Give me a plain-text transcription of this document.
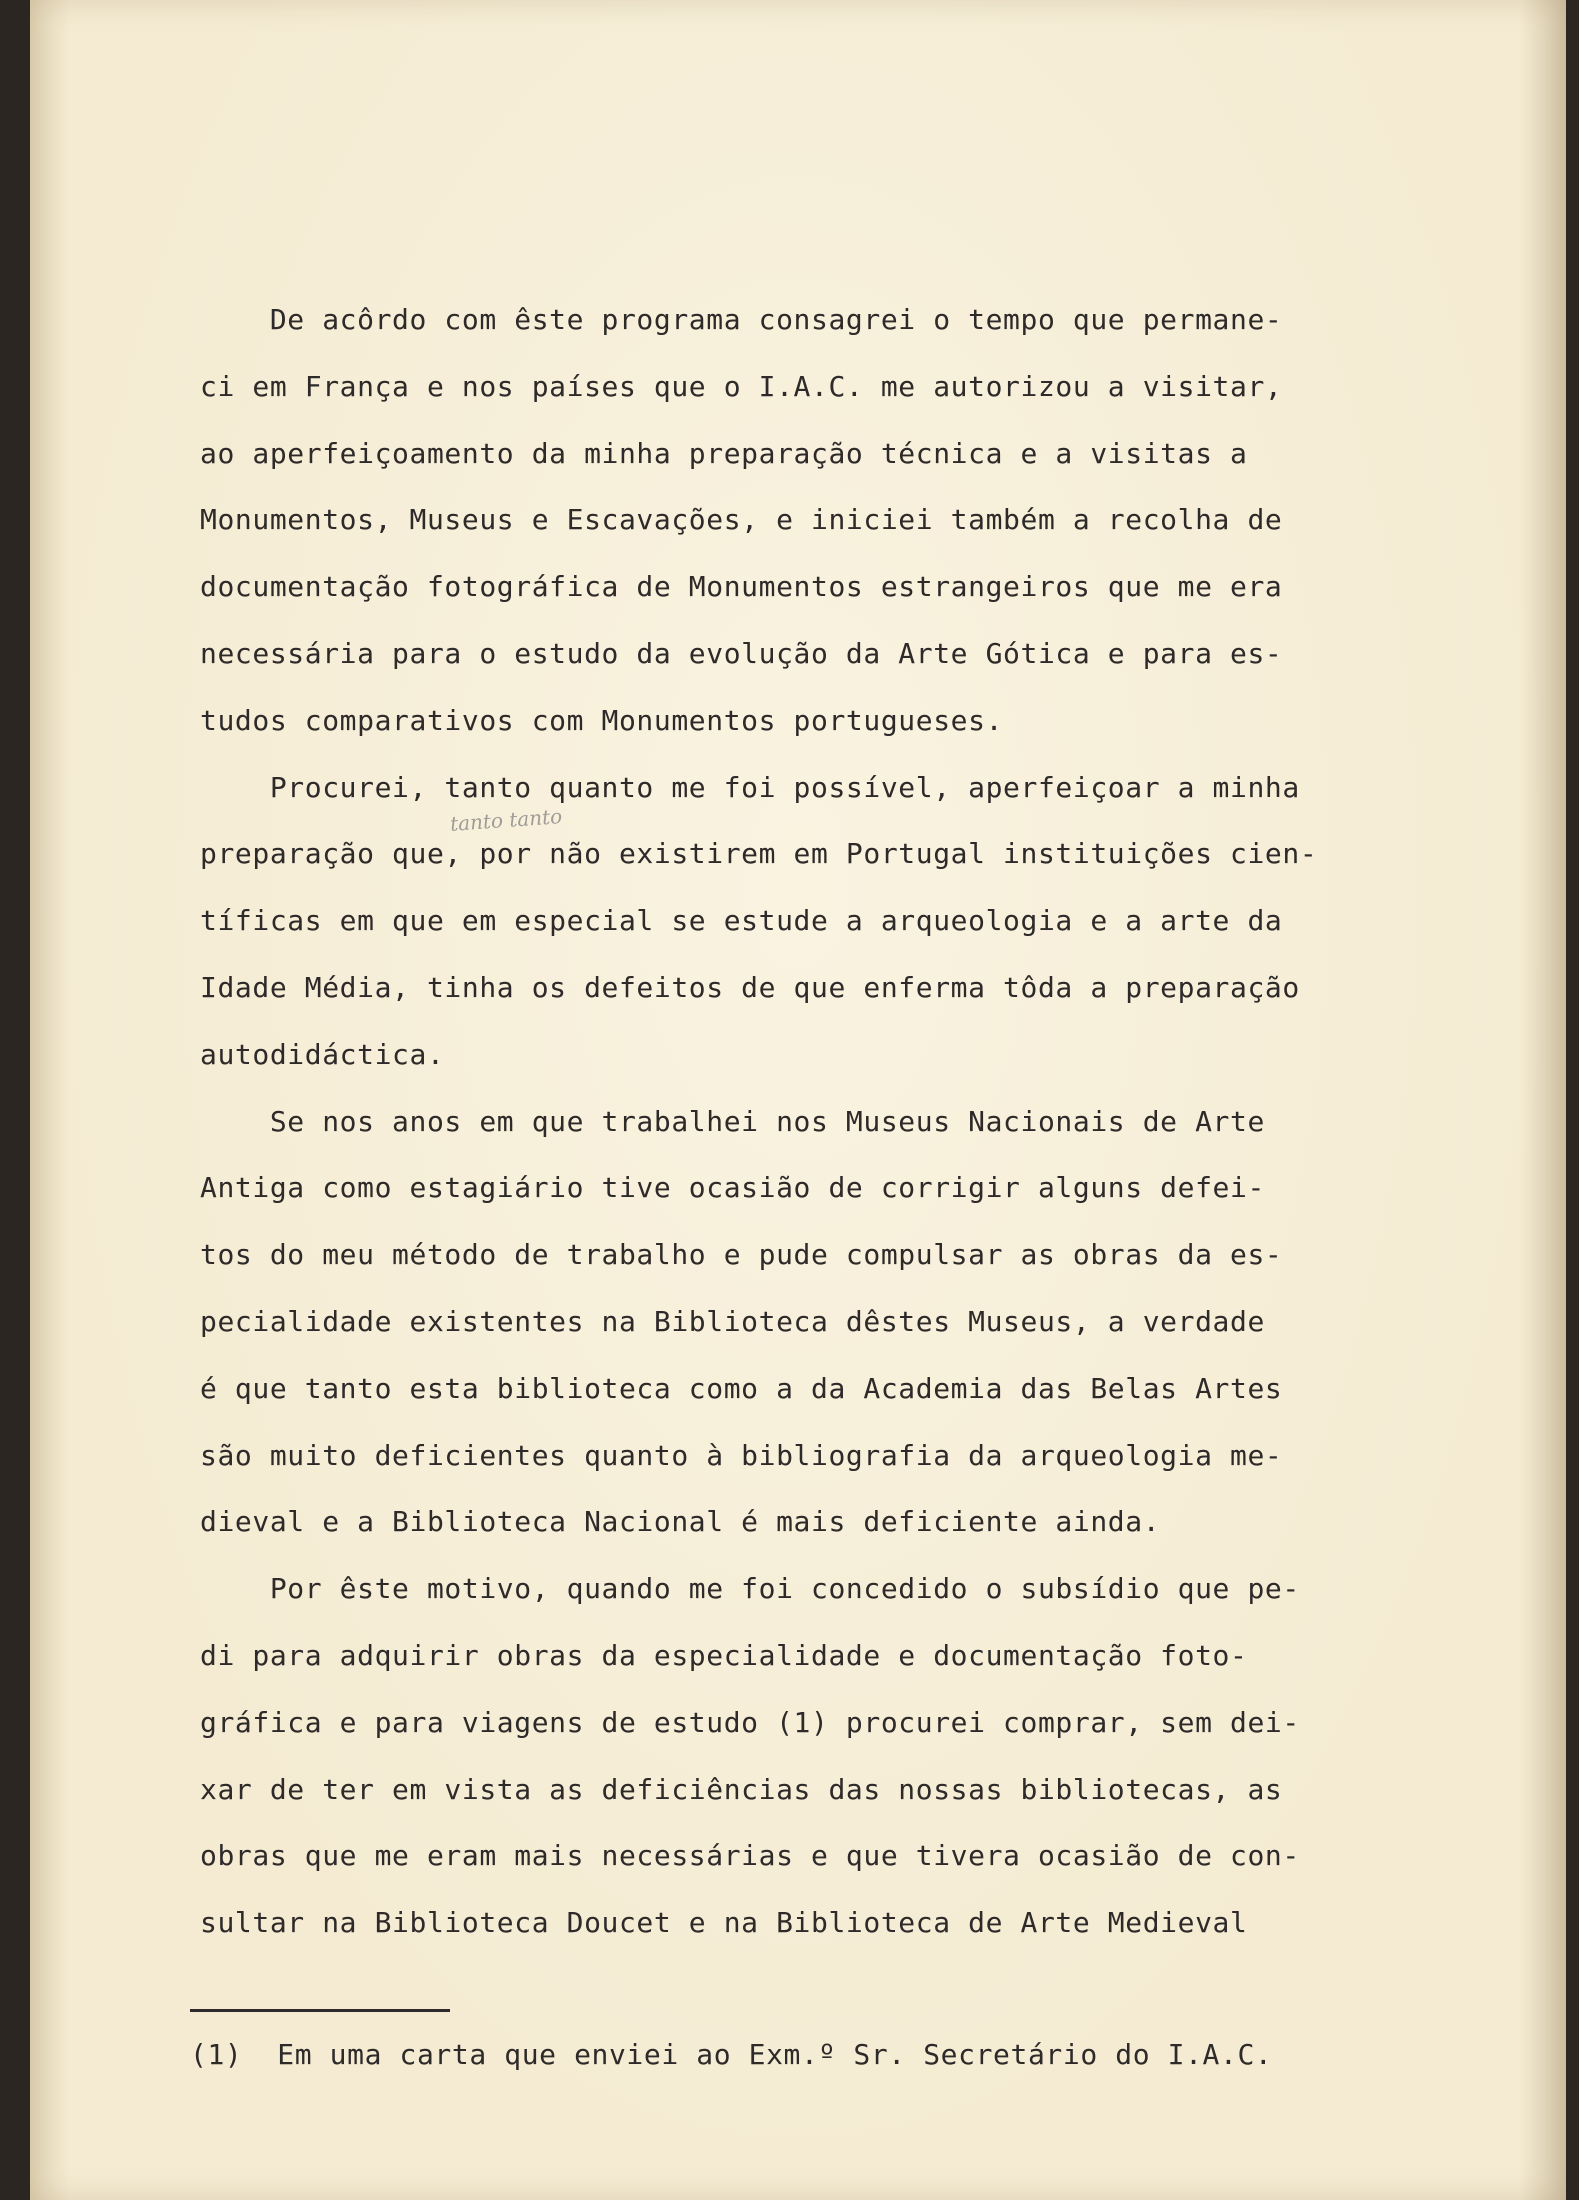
De acôrdo com êste programa consagrei o tempo que permane-
ci em França e nos países que o I.A.C. me autorizou a visitar,
ao aperfeiçoamento da minha preparação técnica e a visitas a
Monumentos, Museus e Escavações, e iniciei também a recolha de
documentação fotográfica de Monumentos estrangeiros que me era
necessária para o estudo da evolução da Arte Gótica e para es-
tudos comparativos com Monumentos portugueses.
Procurei, tanto quanto me foi possível, aperfeiçoar a minha
preparação que, por não existirem em Portugal instituições cien-
tíficas em que em especial se estude a arqueologia e a arte da
Idade Média, tinha os defeitos de que enferma tôda a preparação
autodidáctica.
Se nos anos em que trabalhei nos Museus Nacionais de Arte
Antiga como estagiário tive ocasião de corrigir alguns defei-
tos do meu método de trabalho e pude compulsar as obras da es-
pecialidade existentes na Biblioteca dêstes Museus, a verdade
é que tanto esta biblioteca como a da Academia das Belas Artes
são muito deficientes quanto à bibliografia da arqueologia me-
dieval e a Biblioteca Nacional é mais deficiente ainda.
Por êste motivo, quando me foi concedido o subsídio que pe-
di para adquirir obras da especialidade e documentação foto-
gráfica e para viagens de estudo (1) procurei comprar, sem dei-
xar de ter em vista as deficiências das nossas bibliotecas, as
obras que me eram mais necessárias e que tivera ocasião de con-
sultar na Biblioteca Doucet e na Biblioteca de Arte Medieval
tanto tanto
(1)  Em uma carta que enviei ao Exm.º Sr. Secretário do I.A.C.
